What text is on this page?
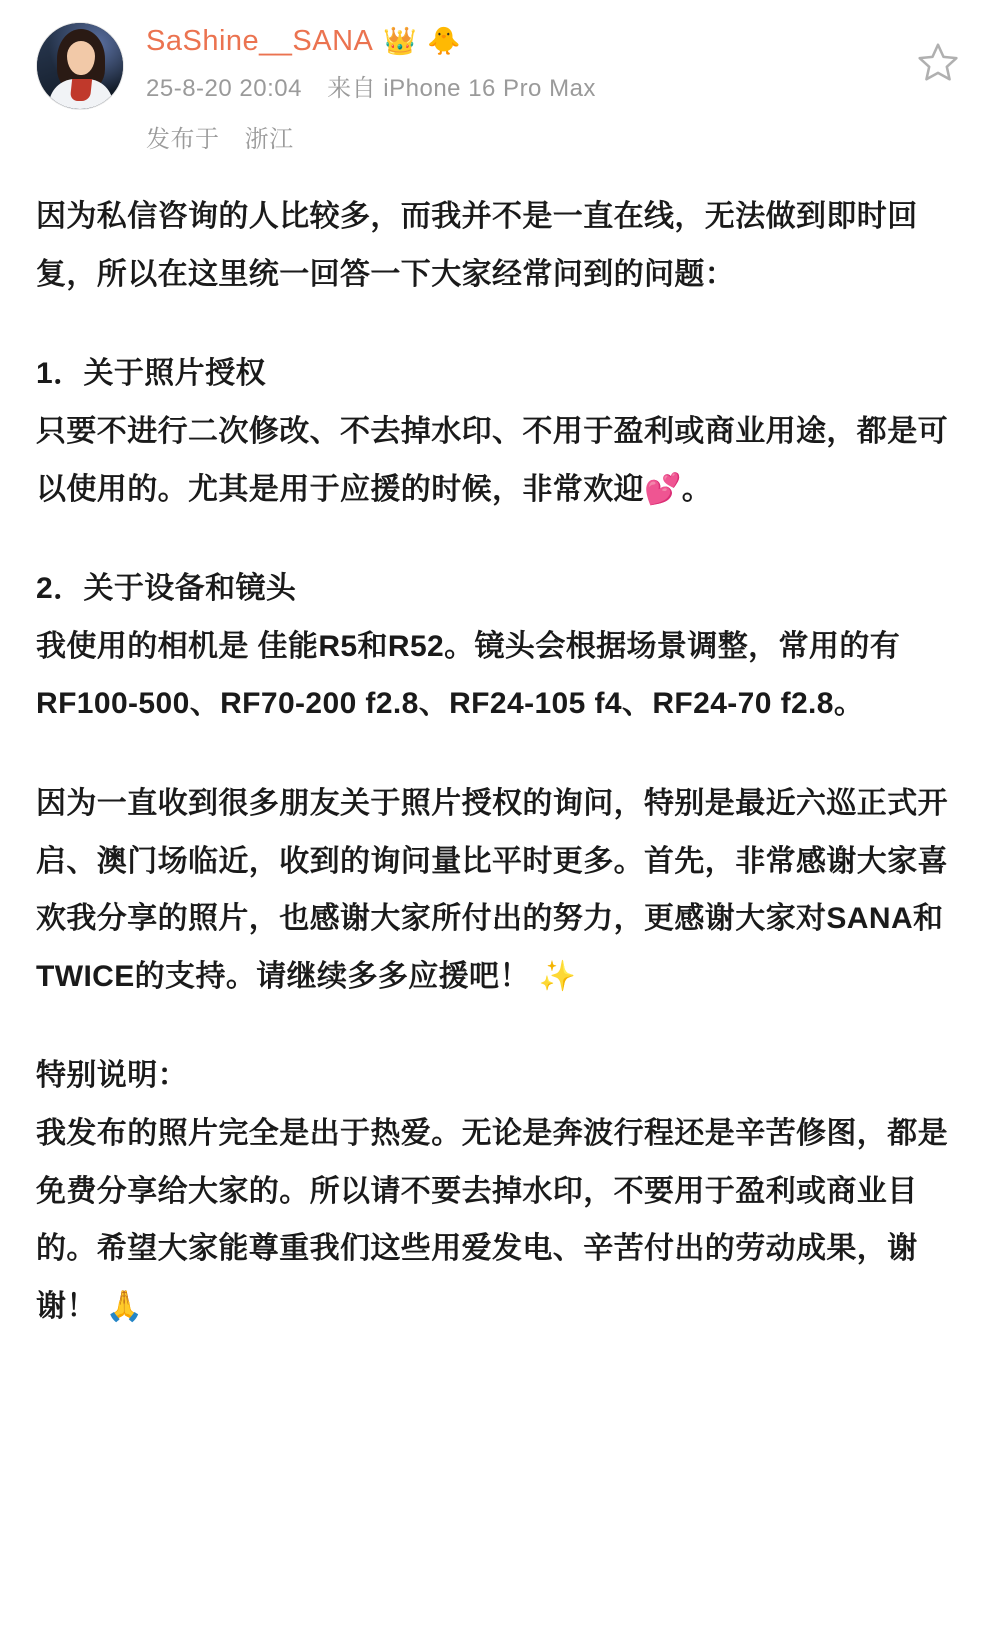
SaShine__SANA 👑 🐥
25-8-20 20:04 来自 iPhone 16 Pro Max
发布于 浙江

因为私信咨询的人比较多，而我并不是一直在线，无法做到即时回复，所以在这里统一回答一下大家经常问到的问题：

1．关于照片授权

只要不进行二次修改、不去掉水印、不用于盈利或商业用途，都是可以使用的。尤其是用于应援的时候，非常欢迎💕。

2．关于设备和镜头

我使用的相机是 佳能R5和R52。镜头会根据场景调整，常用的有RF100-500、RF70-200 f2.8、RF24-105 f4、RF24-70 f2.8。

因为一直收到很多朋友关于照片授权的询问，特别是最近六巡正式开启、澳门场临近，收到的询问量比平时更多。首先，非常感谢大家喜欢我分享的照片，也感谢大家所付出的努力，更感谢大家对SANA和TWICE的支持。请继续多多应援吧！ ✨

特别说明：

我发布的照片完全是出于热爱。无论是奔波行程还是辛苦修图，都是免费分享给大家的。所以请不要去掉水印，不要用于盈利或商业目的。希望大家能尊重我们这些用爱发电、辛苦付出的劳动成果，谢谢！ 🙏
